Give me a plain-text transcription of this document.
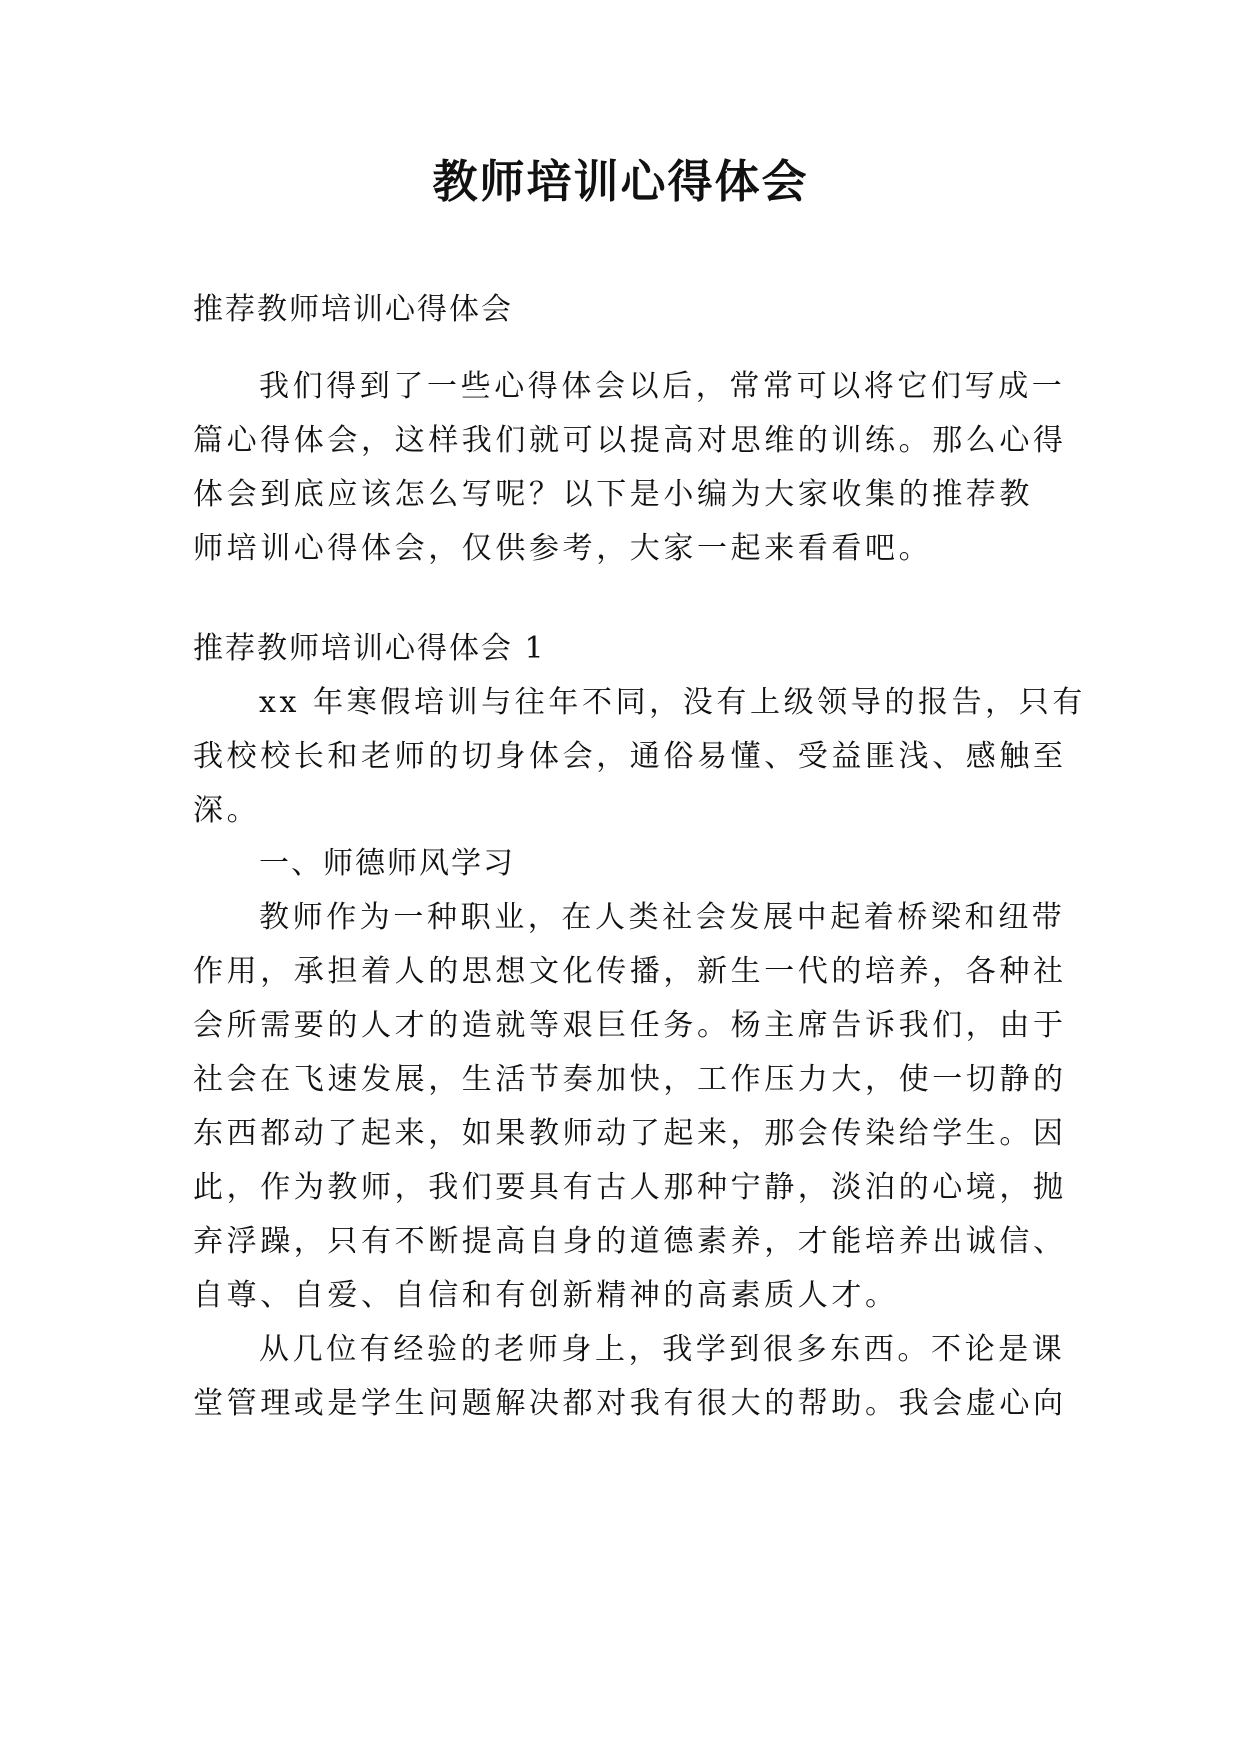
教师培训心得体会
推荐教师培训心得体会
我们得到了一些心得体会以后，常常可以将它们写成一
篇心得体会，这样我们就可以提高对思维的训练。那么心得
体会到底应该怎么写呢？以下是小编为大家收集的推荐教
师培训心得体会，仅供参考，大家一起来看看吧。
推荐教师培训心得体会 1
xx 年寒假培训与往年不同，没有上级领导的报告，只有
我校校长和老师的切身体会，通俗易懂、受益匪浅、感触至
深。
一、师德师风学习
教师作为一种职业，在人类社会发展中起着桥梁和纽带
作用，承担着人的思想文化传播，新生一代的培养，各种社
会所需要的人才的造就等艰巨任务。杨主席告诉我们，由于
社会在飞速发展，生活节奏加快，工作压力大，使一切静的
东西都动了起来，如果教师动了起来，那会传染给学生。因
此，作为教师，我们要具有古人那种宁静，淡泊的心境，抛
弃浮躁，只有不断提高自身的道德素养，才能培养出诚信、
自尊、自爱、自信和有创新精神的高素质人才。
从几位有经验的老师身上，我学到很多东西。不论是课
堂管理或是学生问题解决都对我有很大的帮助。我会虚心向
